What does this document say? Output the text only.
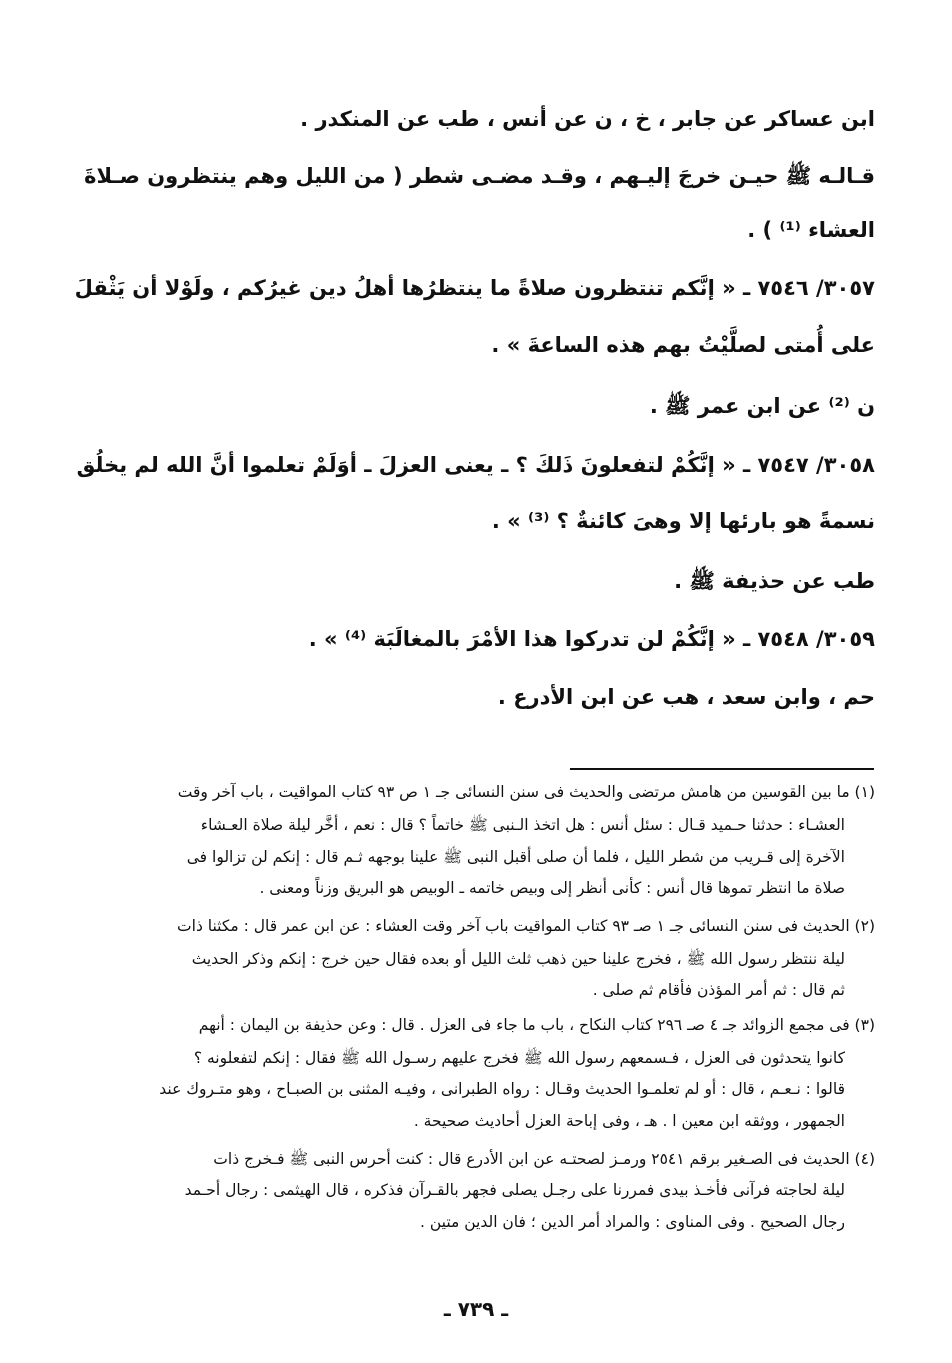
ابن عساكر عن جابر ، خ ، ن عن أنس ، طب عن المنكدر .

قـالـه ﷺ حيـن خرجَ إليـهم ، وقـد مضـى شطر ( من الليل وهم ينتظرون صـلاةَ

العشاء ⁽¹⁾ ) .

٣٠٥٧/ ٧٥٤٦ ـ « إنَّكم تنتظرون صلاةً ما ينتظرُها أهلُ دين غيرُكم ، ولَوْلا أن يَثْقلَ

على أُمتى لصلَّيْتُ بهم هذه الساعةَ » .

ن ⁽²⁾ عن ابن عمر ﷺ .

٣٠٥٨/ ٧٥٤٧ ـ « إنَّكُمْ لتفعلونَ ذَلكَ ؟ ـ يعنى العزلَ ـ أوَلَمْ تعلموا أنَّ الله لم يخلُق

نسمةً هو بارئها إلا وهىَ كائنةٌ ؟ ⁽³⁾ » .

طب عن حذيفة ﷺ .

٣٠٥٩/ ٧٥٤٨ ـ « إنَّكُمْ لن تدركوا هذا الأمْرَ بالمغالَبَة ⁽⁴⁾ » .

حم ، وابن سعد ، هب عن ابن الأدرع .

(١) ما بين القوسين من هامش مرتضى والحديث فى سنن النسائى جـ ١ ص ٩٣ كتاب المواقيت ، باب آخر وقت
العشـاء : حدثنا حـميد قـال : سئل أنس : هل اتخذ الـنبى ﷺ خاتماً ؟ قال : نعم ، أخَّر ليلة صلاة العـشاء
الآخرة إلى قـريب من شطر الليل ، فلما أن صلى أقبل النبى ﷺ علينا بوجهه ثـم قال : إنكم لن تزالوا فى
صلاة ما انتظر تموها قال أنس : كأنى أنظر إلى وبيص خاتمه ـ الوبيص هو البريق وزناً ومعنى .
(٢) الحديث فى سنن النسائى جـ ١ صـ ٩٣ كتاب المواقيت باب آخر وقت العشاء : عن ابن عمر قال : مكثنا ذات
ليلة ننتظر رسول الله ﷺ ، فخرج علينا حين ذهب ثلث الليل أو بعده فقال حين خرج : إنكم وذكر الحديث
ثم قال : ثم أمر المؤذن فأقام ثم صلى .
(٣) فى مجمع الزوائد جـ ٤ صـ ٢٩٦ كتاب النكاح ، باب ما جاء فى العزل . قال : وعن حذيفة بن اليمان : أنهم
كانوا يتحدثون فى العزل ، فـسمعهم رسول الله ﷺ فخرج عليهم رسـول الله ﷺ فقال : إنكم لتفعلونه ؟
قالوا : نـعـم ، قال : أو لم تعلمـوا الحديث وقـال : رواه الطبرانى ، وفيـه المثنى بن الصبـاح ، وهو متـروك عند
الجمهور ، ووثقه ابن معين ا . هـ ، وفى إباحة العزل أحاديث صحيحة .
(٤) الحديث فى الصـغير برقم ٢٥٤١ ورمـز لصحتـه عن ابن الأدرع قال : كنت أحرس النبى ﷺ فـخرج ذات
ليلة لحاجته فرآنى فأخـذ بيدى فمررنا على رجـل يصلى فجهر بالقـرآن فذكره ، قال الهيثمى : رجال أحـمد
رجال الصحيح . وفى المناوى : والمراد أمر الدين ؛ فان الدين متين .
ـ ٧٣٩ ـ
